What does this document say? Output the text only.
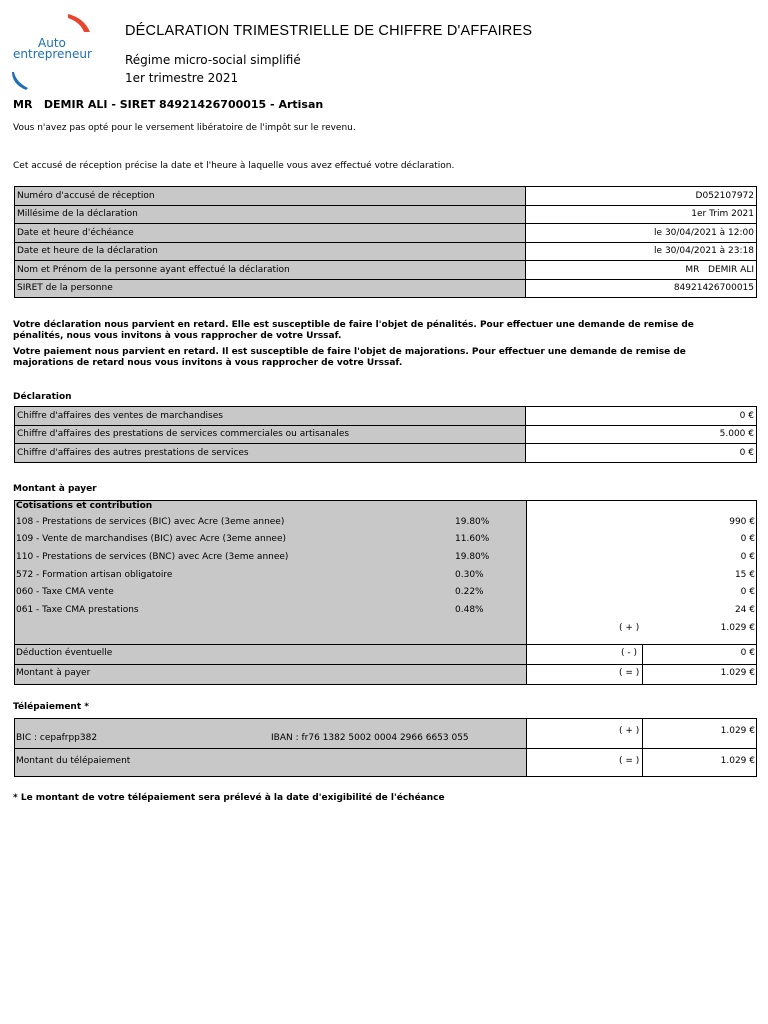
Auto
entrepreneur
DÉCLARATION TRIMESTRIELLE DE CHIFFRE D'AFFAIRES
Régime micro-social simplifié
1er trimestre 2021
MR   DEMIR ALI - SIRET 84921426700015 - Artisan
Vous n'avez pas opté pour le versement libératoire de l'impôt sur le revenu.
Cet accusé de réception précise la date et l'heure à laquelle vous avez effectué votre déclaration.
Numéro d'accusé de réception	D052107972
Millésime de la déclaration	1er Trim 2021
Date et heure d'échéance	le 30/04/2021 à 12:00
Date et heure de la déclaration	le 30/04/2021 à 23:18
Nom et Prénom de la personne ayant effectué la déclaration	MR   DEMIR ALI
SIRET de la personne	84921426700015
Votre déclaration nous parvient en retard. Elle est susceptible de faire l'objet de pénalités. Pour effectuer une demande de remise de pénalités, nous vous invitons à vous rapprocher de votre Urssaf.
Votre paiement nous parvient en retard. Il est susceptible de faire l'objet de majorations. Pour effectuer une demande de remise de majorations de retard nous vous invitons à vous rapprocher de votre Urssaf.
Déclaration
Chiffre d'affaires des ventes de marchandises	0 €
Chiffre d'affaires des prestations de services commerciales ou artisanales	5.000 €
Chiffre d'affaires des autres prestations de services	0 €
Montant à payer
Cotisations et contribution
108 - Prestations de services (BIC) avec Acre (3eme annee)	19.80%	990 €
109 - Vente de marchandises (BIC) avec Acre (3eme annee)	11.60%	0 €
110 - Prestations de services (BNC) avec Acre (3eme annee)	19.80%	0 €
572 - Formation artisan obligatoire	0.30%	15 €
060 - Taxe CMA vente	0.22%	0 €
061 - Taxe CMA prestations	0.48%	24 €
( + )	1.029 €
Déduction éventuelle	( - )	0 €
Montant à payer	( = )	1.029 €
Télépaiement *
BIC : cepafrpp382	IBAN : fr76 1382 5002 0004 2966 6653 055
( + )	1.029 €
Montant du télépaiement	( = )	1.029 €
* Le montant de votre télépaiement sera prélevé à la date d'exigibilité de l'échéance
